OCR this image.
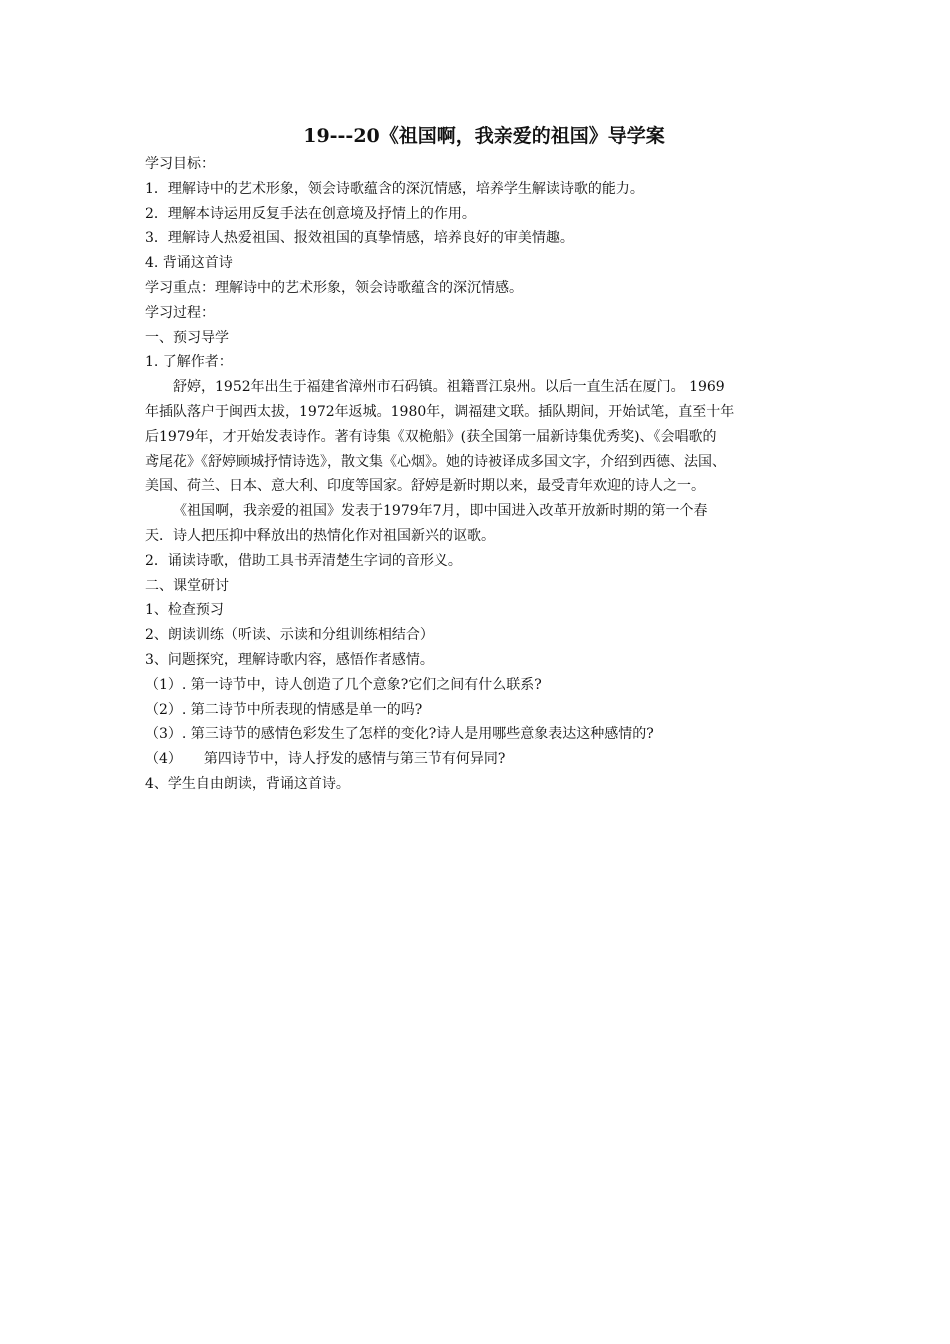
19---20《祖国啊，我亲爱的祖国》导学案

学习目标：

1．理解诗中的艺术形象，领会诗歌蕴含的深沉情感，培养学生解读诗歌的能力。

2．理解本诗运用反复手法在创意境及抒情上的作用。

3．理解诗人热爱祖国、报效祖国的真挚情感，培养良好的审美情趣。

4. 背诵这首诗

学习重点：理解诗中的艺术形象，领会诗歌蕴含的深沉情感。

学习过程：

一、预习导学

1. 了解作者：

舒婷，1952年出生于福建省漳州市石码镇。祖籍晋江泉州。以后一直生活在厦门。 1969
年插队落户于闽西太拔，1972年返城。1980年，调福建文联。插队期间，开始试笔，直至十年
后1979年，才开始发表诗作。著有诗集《双桅船》(获全国第一届新诗集优秀奖)、《会唱歌的
鸢尾花》《舒婷顾城抒情诗选》，散文集《心烟》。她的诗被译成多国文字，介绍到西德、法国、
美国、荷兰、日本、意大利、印度等国家。舒婷是新时期以来，最受青年欢迎的诗人之一。
《祖国啊，我亲爱的祖国》发表于1979年7月，即中国进入改革开放新时期的第一个春
天．诗人把压抑中释放出的热情化作对祖国新兴的讴歌。

2．诵读诗歌，借助工具书弄清楚生字词的音形义。

二、课堂研讨

1、检查预习

2、朗读训练（听读、示读和分组训练相结合）

3、问题探究，理解诗歌内容，感悟作者感情。

（1）. 第一诗节中，诗人创造了几个意象?它们之间有什么联系?

（2）. 第二诗节中所表现的情感是单一的吗?

（3）. 第三诗节的感情色彩发生了怎样的变化?诗人是用哪些意象表达这种感情的?

（4） 第四诗节中，诗人抒发的感情与第三节有何异同?

4、学生自由朗读，背诵这首诗。
